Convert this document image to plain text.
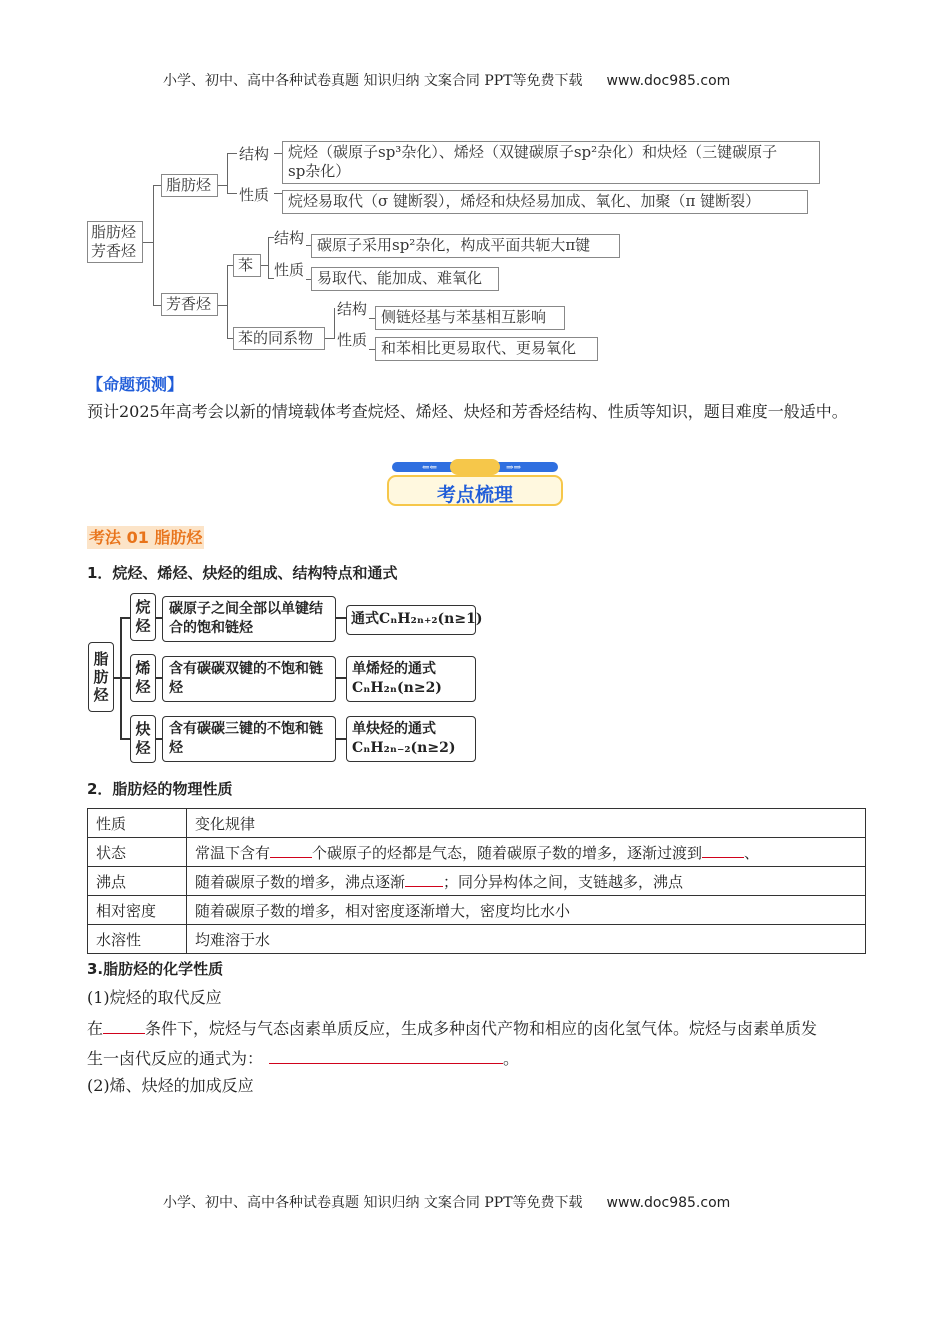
小学、初中、高中各种试卷真题 知识归纳 文案合同 PPT等免费下载 www.doc985.com
脂肪烃
芳香烃
脂肪烃
结构
性质
烷烃（碳原子sp³杂化）、烯烃（双键碳原子sp²杂化）和炔烃（三键碳原子
sp杂化）
烷烃易取代（σ 键断裂），烯烃和炔烃易加成、氧化、加聚（π 键断裂）
芳香烃
苯
结构
性质
碳原子采用sp²杂化，构成平面共轭大π键
易取代、能加成、难氧化
苯的同系物
结构
性质
侧链烃基与苯基相互影响
和苯相比更易取代、更易氧化
【命题预测】
预计2025年高考会以新的情境载体考查烷烃、烯烃、炔烃和芳香烃结构、性质等知识，题目难度一般适中。
⇐⇐	⇒⇒
考点梳理
考法 01 脂肪烃
1．烷烃、烯烃、炔烃的组成、结构特点和通式
脂肪烃
烷烃
碳原子之间全部以单键结合的饱和链烃
通式CₙH₂ₙ₊₂(n≥1)
烯烃
含有碳碳双键的不饱和链烃
单烯烃的通式
CₙH₂ₙ(n≥2)
炔烃
含有碳碳三键的不饱和链烃
单炔烃的通式
CₙH₂ₙ₋₂(n≥2)
2．脂肪烃的物理性质
性质	变化规律
状态	常温下含有 个碳原子的烃都是气态，随着碳原子数的增多，逐渐过渡到 、
沸点	随着碳原子数的增多，沸点逐渐 ；同分异构体之间，支链越多，沸点
相对密度	随着碳原子数的增多，相对密度逐渐增大，密度均比水小
水溶性	均难溶于水
3.脂肪烃的化学性质
(1)烷烃的取代反应
在	条件下，烷烃与气态卤素单质反应，生成多种卤代产物和相应的卤化氢气体。烷烃与卤素单质发
生一卤代反应的通式为：	。
(2)烯、炔烃的加成反应
小学、初中、高中各种试卷真题 知识归纳 文案合同 PPT等免费下载 www.doc985.com
